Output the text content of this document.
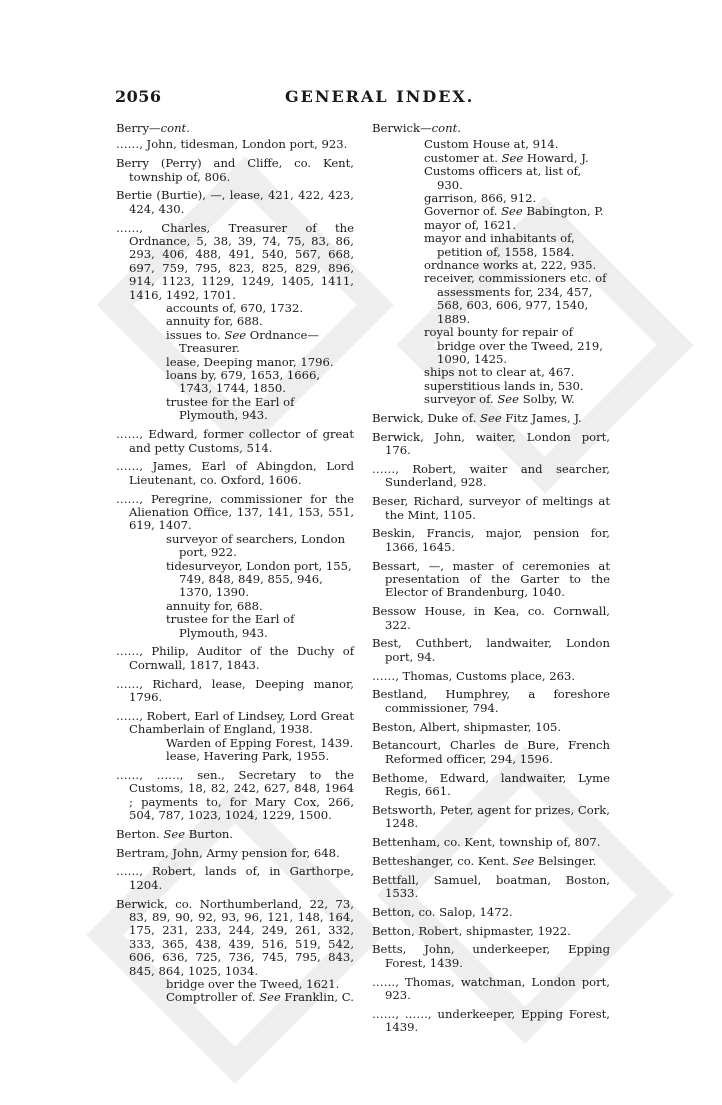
2056	GENERAL INDEX.

Berry—cont.

……, John, tidesman, London port, 923.

Berry (Perry) and Cliffe, co. Kent, township of, 806.

Bertie (Burtie), —, lease, 421, 422, 423, 424, 430.

……, Charles, Treasurer of the Ordnance, 5, 38, 39, 74, 75, 83, 86, 293, 406, 488, 491, 540, 567, 668, 697, 759, 795, 823, 825, 829, 896, 914, 1123, 1129, 1249, 1405, 1411, 1416, 1492, 1701.

accounts of, 670, 1732.

annuity for, 688.

issues to. See Ordnance—Treasurer.

lease, Deeping manor, 1796.

loans by, 679, 1653, 1666, 1743, 1744, 1850.

trustee for the Earl of Plymouth, 943.

……, Edward, former collector of great and petty Customs, 514.

……, James, Earl of Abingdon, Lord Lieutenant, co. Oxford, 1606.

……, Peregrine, commissioner for the Alienation Office, 137, 141, 153, 551, 619, 1407.

surveyor of searchers, London port, 922.

tidesurveyor, London port, 155, 749, 848, 849, 855, 946, 1370, 1390.

annuity for, 688.

trustee for the Earl of Plymouth, 943.

……, Philip, Auditor of the Duchy of Cornwall, 1817, 1843.

……, Richard, lease, Deeping manor, 1796.

……, Robert, Earl of Lindsey, Lord Great Chamberlain of England, 1938.

Warden of Epping Forest, 1439.

lease, Havering Park, 1955.

……, ……, sen., Secretary to the Customs, 18, 82, 242, 627, 848, 1964 ; payments to, for Mary Cox, 266, 504, 787, 1023, 1024, 1229, 1500.

Berton. See Burton.

Bertram, John, Army pension for, 648.

……, Robert, lands of, in Garthorpe, 1204.

Berwick, co. Northumberland, 22, 73, 83, 89, 90, 92, 93, 96, 121, 148, 164, 175, 231, 233, 244, 249, 261, 332, 333, 365, 438, 439, 516, 519, 542, 606, 636, 725, 736, 745, 795, 843, 845, 864, 1025, 1034.

bridge over the Tweed, 1621.

Comptroller of. See Franklin, C.

Berwick—cont.

Custom House at, 914.

customer at. See Howard, J.

Customs officers at, list of, 930.

garrison, 866, 912.

Governor of. See Babington, P.

mayor of, 1621.

mayor and inhabitants of, petition of, 1558, 1584.

ordnance works at, 222, 935.

receiver, commissioners etc. of assessments for, 234, 457, 568, 603, 606, 977, 1540, 1889.

royal bounty for repair of bridge over the Tweed, 219, 1090, 1425.

ships not to clear at, 467.

superstitious lands in, 530.

surveyor of. See Solby, W.

Berwick, Duke of. See Fitz James, J.

Berwick, John, waiter, London port, 176.

……, Robert, waiter and searcher, Sunderland, 928.

Beser, Richard, surveyor of meltings at the Mint, 1105.

Beskin, Francis, major, pension for, 1366, 1645.

Bessart, —, master of ceremonies at presentation of the Garter to the Elector of Brandenburg, 1040.

Bessow House, in Kea, co. Cornwall, 322.

Best, Cuthbert, landwaiter, London port, 94.

……, Thomas, Customs place, 263.

Bestland, Humphrey, a foreshore commissioner, 794.

Beston, Albert, shipmaster, 105.

Betancourt, Charles de Bure, French Reformed officer, 294, 1596.

Bethome, Edward, landwaiter, Lyme Regis, 661.

Betsworth, Peter, agent for prizes, Cork, 1248.

Bettenham, co. Kent, township of, 807.

Betteshanger, co. Kent. See Belsinger.

Bettfall, Samuel, boatman, Boston, 1533.

Betton, co. Salop, 1472.

Betton, Robert, shipmaster, 1922.

Betts, John, underkeeper, Epping Forest, 1439.

……, Thomas, watchman, London port, 923.

……, ……, underkeeper, Epping Forest, 1439.
